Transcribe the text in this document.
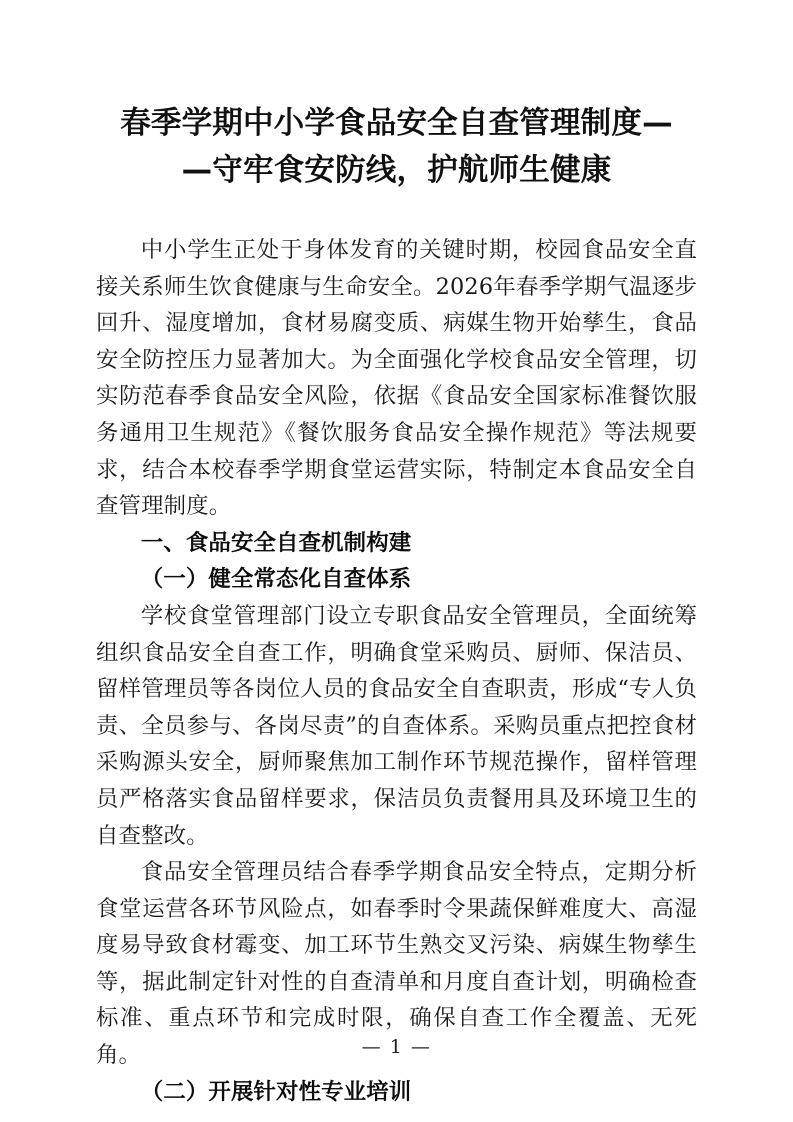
春季学期中小学食品安全自查管理制度—
—守牢食安防线，护航师生健康

中小学生正处于身体发育的关键时期，校园食品安全直接关系师生饮食健康与生命安全。2026年春季学期气温逐步回升、湿度增加，食材易腐变质、病媒生物开始孳生，食品安全防控压力显著加大。为全面强化学校食品安全管理，切实防范春季食品安全风险，依据《食品安全国家标准餐饮服务通用卫生规范》《餐饮服务食品安全操作规范》等法规要求，结合本校春季学期食堂运营实际，特制定本食品安全自查管理制度。

一、食品安全自查机制构建

（一）健全常态化自查体系

学校食堂管理部门设立专职食品安全管理员，全面统筹组织食品安全自查工作，明确食堂采购员、厨师、保洁员、留样管理员等各岗位人员的食品安全自查职责，形成“专人负责、全员参与、各岗尽责”的自查体系。采购员重点把控食材采购源头安全，厨师聚焦加工制作环节规范操作，留样管理员严格落实食品留样要求，保洁员负责餐用具及环境卫生的自查整改。

食品安全管理员结合春季学期食品安全特点，定期分析食堂运营各环节风险点，如春季时令果蔬保鲜难度大、高湿度易导致食材霉变、加工环节生熟交叉污染、病媒生物孳生等，据此制定针对性的自查清单和月度自查计划，明确检查标准、重点环节和完成时限，确保自查工作全覆盖、无死角。

（二）开展针对性专业培训

— 1 —
